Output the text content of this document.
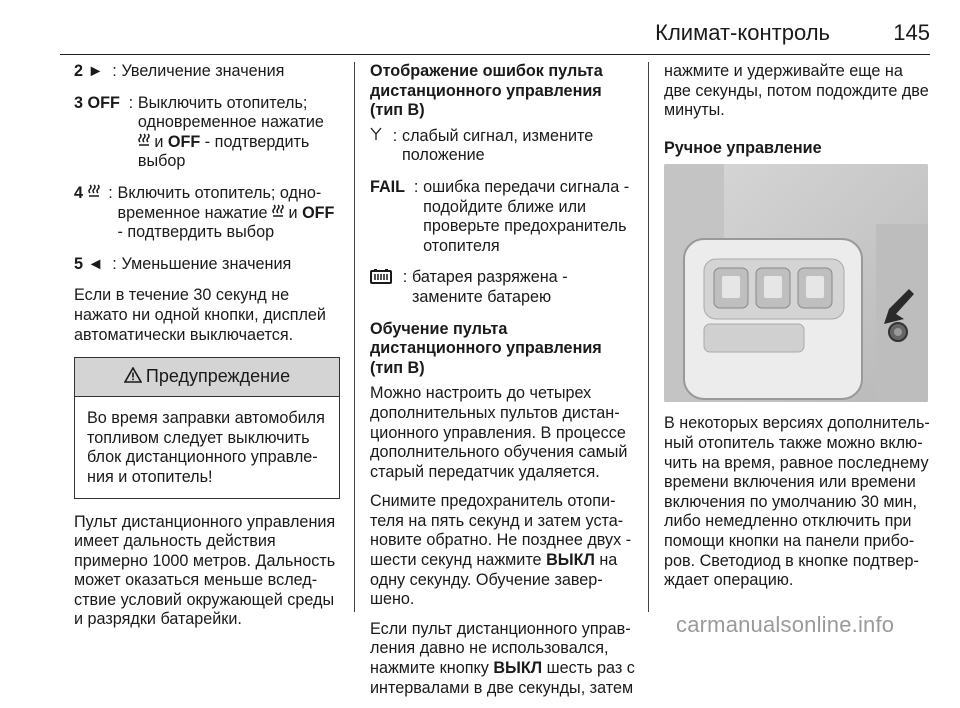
Климат-контроль	145
2 ► : Увеличение значения
3 OFF : Выключить отопитель; одновременное нажатие  и OFF - подтвердить выбор
4	: Включить отопитель; одно-временное нажатие и OFF - подтвердить выбор
5 ◄ : Уменьшение значения

Если в течение 30 секунд не нажато ни одной кнопки, дисплей автоматически выключается.

Предупреждение
Во время заправки автомобиля топливом следует выключить блок дистанционного управле-ния и отопитель!

Пульт дистанционного управления имеет дальность действия примерно 1000 метров. Дальность может оказаться меньше вслед-ствие условий окружающей среды и разрядки батарейки.

Отображение ошибок пульта дистанционного управления (тип B)
: слабый сигнал, измените положение
FAIL : ошибка передачи сигнала - подойдите ближе или проверьте предохранитель отопителя
: батарея разряжена - замените батарею
Обучение пульта дистанционного управления (тип B)

Можно настроить до четырех дополнительных пультов дистан-ционного управления. В процессе дополнительного обучения самый старый передатчик удаляется.

Снимите предохранитель отопи-теля на пять секунд и затем уста-новите обратно. Не позднее двух - шести секунд нажмите ВЫКЛ на одну секунду. Обучение завер-шено.

Если пульт дистанционного управ-ления давно не использовался, нажмите кнопку ВЫКЛ шесть раз с интервалами в две секунды, затем

нажмите и удерживайте еще на две секунды, потом подождите две минуты.

Ручное управление

В некоторых версиях дополнитель-ный отопитель также можно вклю-чить на время, равное последнему времени включения или времени включения по умолчанию 30 мин, либо немедленно отключить при помощи кнопки на панели прибо-ров. Светодиод в кнопке подтвер-ждает операцию.

carmanualsonline.info
